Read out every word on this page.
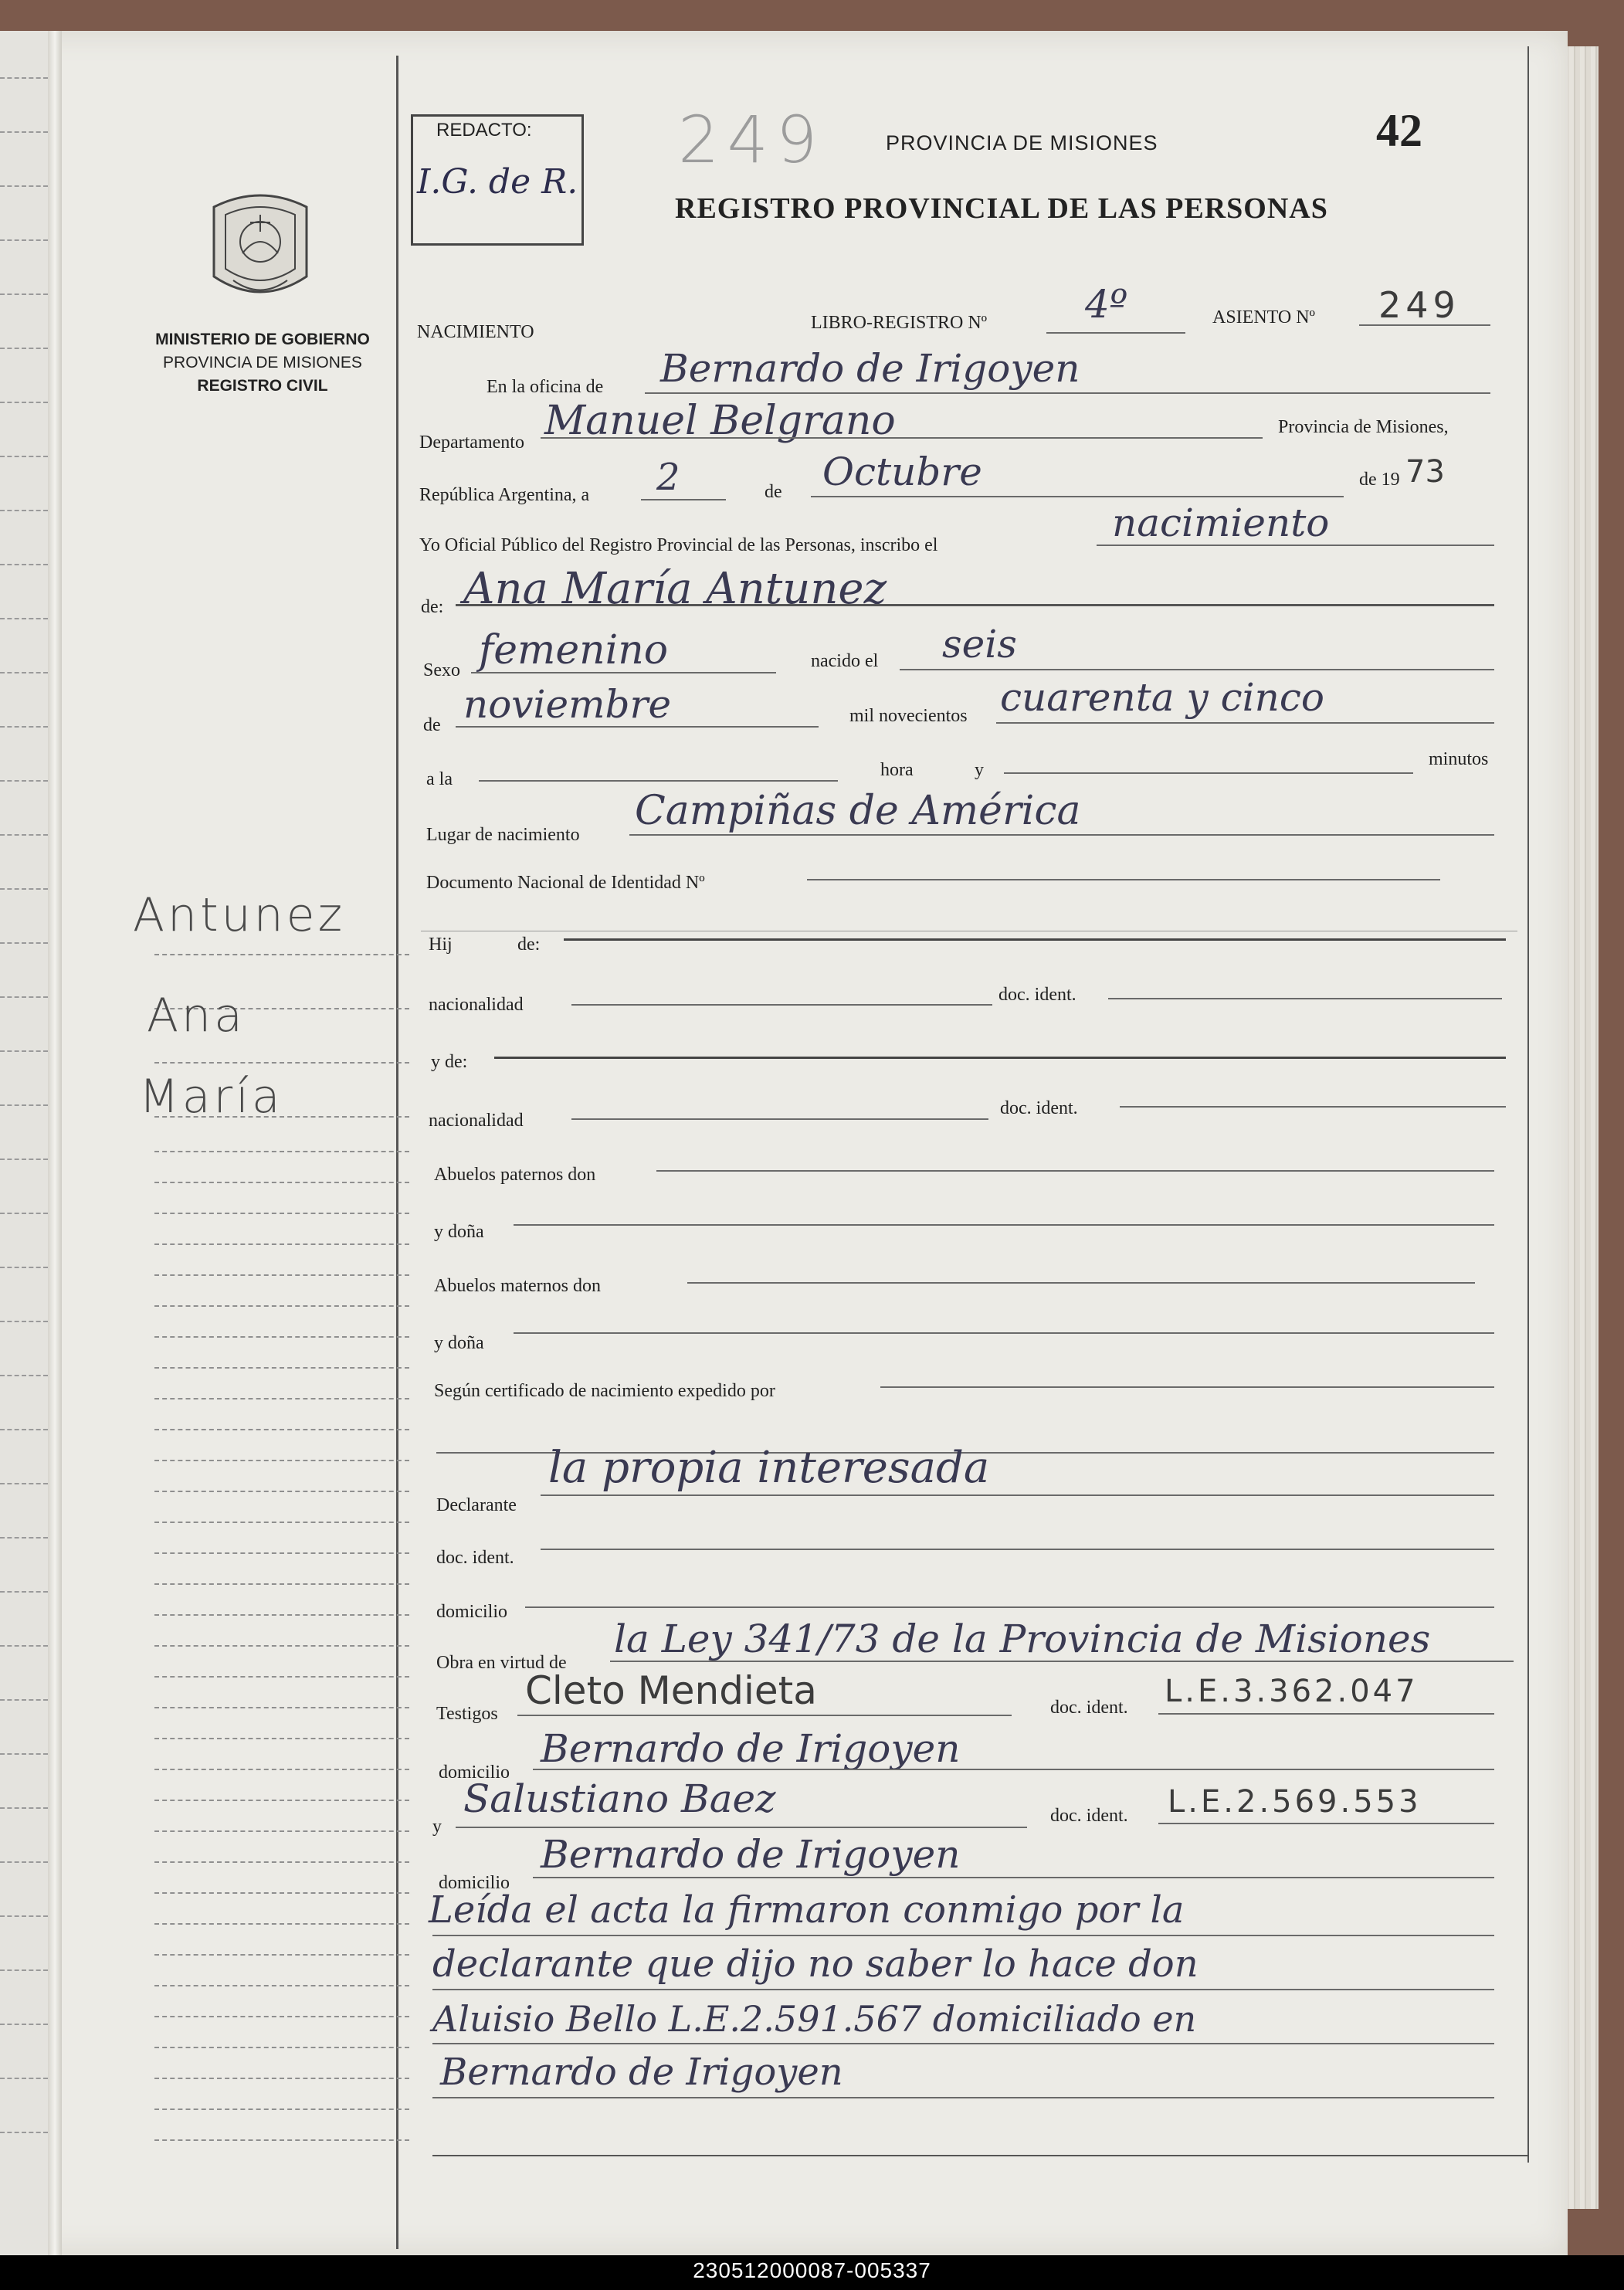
MINISTERIO DE GOBIERNO
PROVINCIA DE MISIONES
REGISTRO CIVIL
Antunez
Ana
María
REDACTO:
I.G. de R.
249	PROVINCIA DE MISIONES	42
REGISTRO PROVINCIAL DE LAS PERSONAS
NACIMIENTO	LIBRO-REGISTRO Nº	4º	ASIENTO Nº 249
En la oficina de Bernardo de Irigoyen
Departamento Manuel Belgrano	Provincia de Misiones,
República Argentina, a 2	de Octubre	de 19 73
Yo Oficial Público del Registro Provincial de las Personas, inscribo el	nacimiento
de: Ana María Antunez
Sexo femenino	nacido el seis
de noviembre	mil novecientos cuarenta y cinco
a la	hora	y
minutos
Lugar de nacimiento
Campiñas de América
Documento Nacional de Identidad Nº
Hij	de:
nacionalidad	doc. ident.
y de:
nacionalidad
doc. ident.
Abuelos paternos don
y doña
Abuelos maternos don
y doña
Según certificado de nacimiento expedido por
Declarante
la propia interesada
doc. ident.
domicilio
Obra en virtud de
la Ley 341/73 de la Provincia de Misiones
Testigos
Cleto Mendieta	doc. ident. L.E.3.362.047
domicilio
Bernardo de Irigoyen
y
Salustiano Baez	doc. ident. L.E.2.569.553
domicilio
Bernardo de Irigoyen
Leída el acta la firmaron conmigo por la
declarante que dijo no saber lo hace don
Aluisio Bello L.E.2.591.567 domiciliado en
Bernardo de Irigoyen
230512000087-005337
